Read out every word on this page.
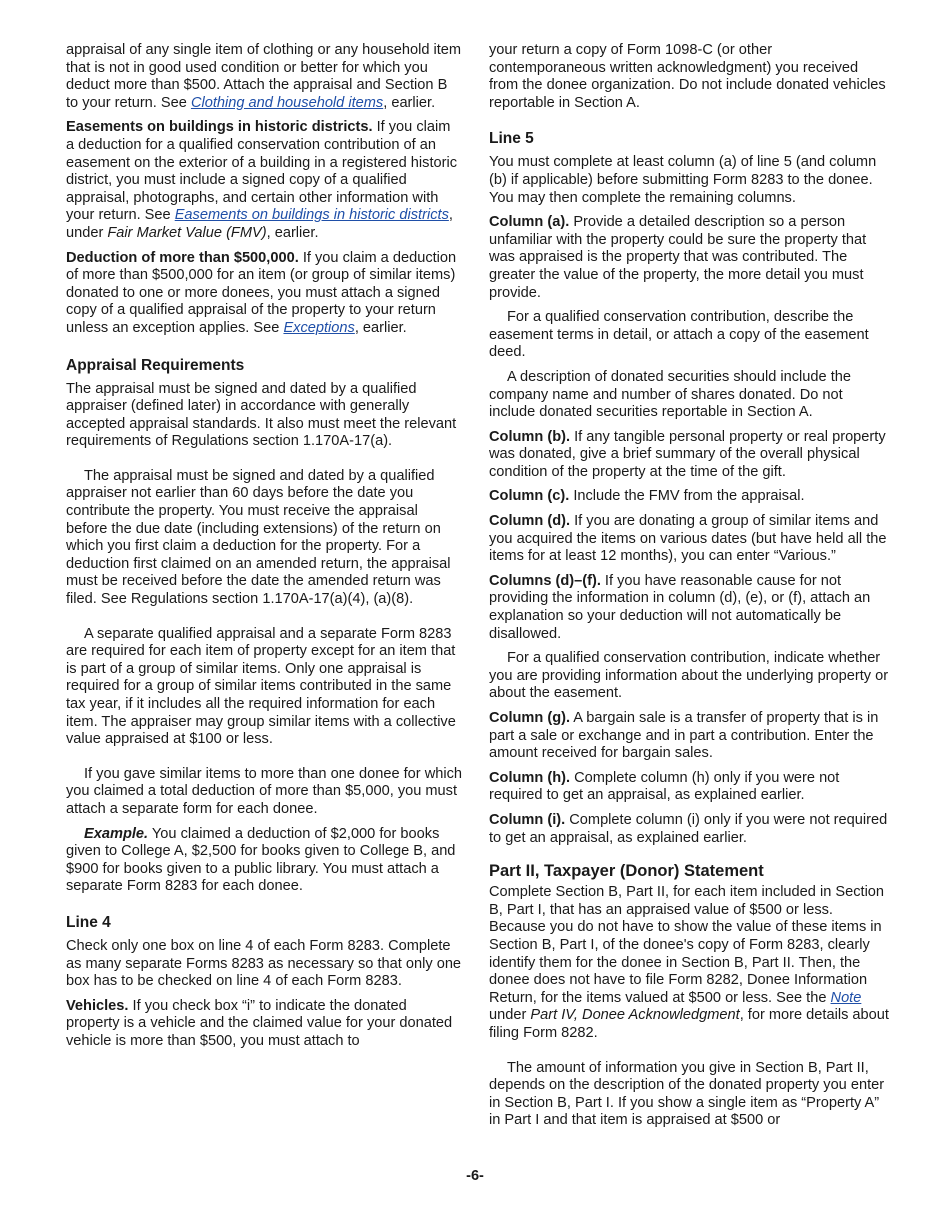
appraisal of any single item of clothing or any household item that is not in good used condition or better for which you deduct more than $500. Attach the appraisal and Section B to your return. See Clothing and household items, earlier.

Easements on buildings in historic districts. If you claim a deduction for a qualified conservation contribution of an easement on the exterior of a building in a registered historic district, you must include a signed copy of a qualified appraisal, photographs, and certain other information with your return. See Easements on buildings in historic districts, under Fair Market Value (FMV), earlier.

Deduction of more than $500,000. If you claim a deduction of more than $500,000 for an item (or group of similar items) donated to one or more donees, you must attach a signed copy of a qualified appraisal of the property to your return unless an exception applies. See Exceptions, earlier.

Appraisal Requirements

The appraisal must be signed and dated by a qualified appraiser (defined later) in accordance with generally accepted appraisal standards. It also must meet the relevant requirements of Regulations section 1.170A-17(a).

The appraisal must be signed and dated by a qualified appraiser not earlier than 60 days before the date you contribute the property. You must receive the appraisal before the due date (including extensions) of the return on which you first claim a deduction for the property. For a deduction first claimed on an amended return, the appraisal must be received before the date the amended return was filed. See Regulations section 1.170A-17(a)(4), (a)(8).

A separate qualified appraisal and a separate Form 8283 are required for each item of property except for an item that is part of a group of similar items. Only one appraisal is required for a group of similar items contributed in the same tax year, if it includes all the required information for each item. The appraiser may group similar items with a collective value appraised at $100 or less.

If you gave similar items to more than one donee for which you claimed a total deduction of more than $5,000, you must attach a separate form for each donee.

Example. You claimed a deduction of $2,000 for books given to College A, $2,500 for books given to College B, and $900 for books given to a public library. You must attach a separate Form 8283 for each donee.

Line 4

Check only one box on line 4 of each Form 8283. Complete as many separate Forms 8283 as necessary so that only one box has to be checked on line 4 of each Form 8283.

Vehicles. If you check box “i” to indicate the donated property is a vehicle and the claimed value for your donated vehicle is more than $500, you must attach to

your return a copy of Form 1098-C (or other contemporaneous written acknowledgment) you received from the donee organization. Do not include donated vehicles reportable in Section A.

Line 5

You must complete at least column (a) of line 5 (and column (b) if applicable) before submitting Form 8283 to the donee. You may then complete the remaining columns.

Column (a). Provide a detailed description so a person unfamiliar with the property could be sure the property that was appraised is the property that was contributed. The greater the value of the property, the more detail you must provide.

For a qualified conservation contribution, describe the easement terms in detail, or attach a copy of the easement deed.

A description of donated securities should include the company name and number of shares donated. Do not include donated securities reportable in Section A.

Column (b). If any tangible personal property or real property was donated, give a brief summary of the overall physical condition of the property at the time of the gift.

Column (c). Include the FMV from the appraisal.

Column (d). If you are donating a group of similar items and you acquired the items on various dates (but have held all the items for at least 12 months), you can enter “Various.”

Columns (d)–(f). If you have reasonable cause for not providing the information in column (d), (e), or (f), attach an explanation so your deduction will not automatically be disallowed.

For a qualified conservation contribution, indicate whether you are providing information about the underlying property or about the easement.

Column (g). A bargain sale is a transfer of property that is in part a sale or exchange and in part a contribution. Enter the amount received for bargain sales.

Column (h). Complete column (h) only if you were not required to get an appraisal, as explained earlier.

Column (i). Complete column (i) only if you were not required to get an appraisal, as explained earlier.

Part II, Taxpayer (Donor) Statement

Complete Section B, Part II, for each item included in Section B, Part I, that has an appraised value of $500 or less. Because you do not have to show the value of these items in Section B, Part I, of the donee's copy of Form 8283, clearly identify them for the donee in Section B, Part II. Then, the donee does not have to file Form 8282, Donee Information Return, for the items valued at $500 or less. See the Note under Part IV, Donee Acknowledgment, for more details about filing Form 8282.

The amount of information you give in Section B, Part II, depends on the description of the donated property you enter in Section B, Part I. If you show a single item as “Property A” in Part I and that item is appraised at $500 or

-6-
